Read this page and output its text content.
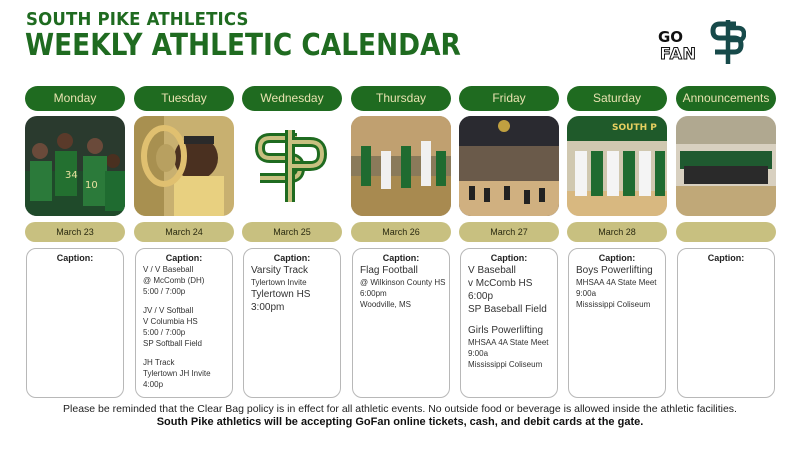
SOUTH PIKE ATHLETICS
WEEKLY ATHLETIC CALENDAR	GO
FAN
Monday
34
10
March 23
Caption:
Tuesday
March 24
Caption:
V / V Baseball
@ McComb (DH)
5:00 / 7:00p
JV / V Softball
V Columbia HS
5:00 / 7:00p
SP Softball Field
JH Track
Tylertown JH Invite
4:00p
Wednesday
March 25
Caption:
Varsity Track
Tylertown Invite
Tylertown HS
3:00pm
Thursday
March 26
Caption:
Flag Football
@ Wilkinson County HS
6:00pm
Woodville, MS
Friday
March 27
Caption:
V Baseball
v McComb HS
6:00p
SP Baseball Field
Girls Powerlifting
MHSAA 4A State Meet
9:00a
Mississippi Coliseum
Saturday
SOUTH P
March 28
Caption:
Boys Powerlifting
MHSAA 4A State Meet
9:00a
Mississippi Coliseum
Announcements
Caption:
Please be reminded that the Clear Bag policy is in effect for all athletic events. No outside food or beverage is allowed inside the athletic facilities.
South Pike athletics will be accepting GoFan online tickets, cash, and debit cards at the gate.
